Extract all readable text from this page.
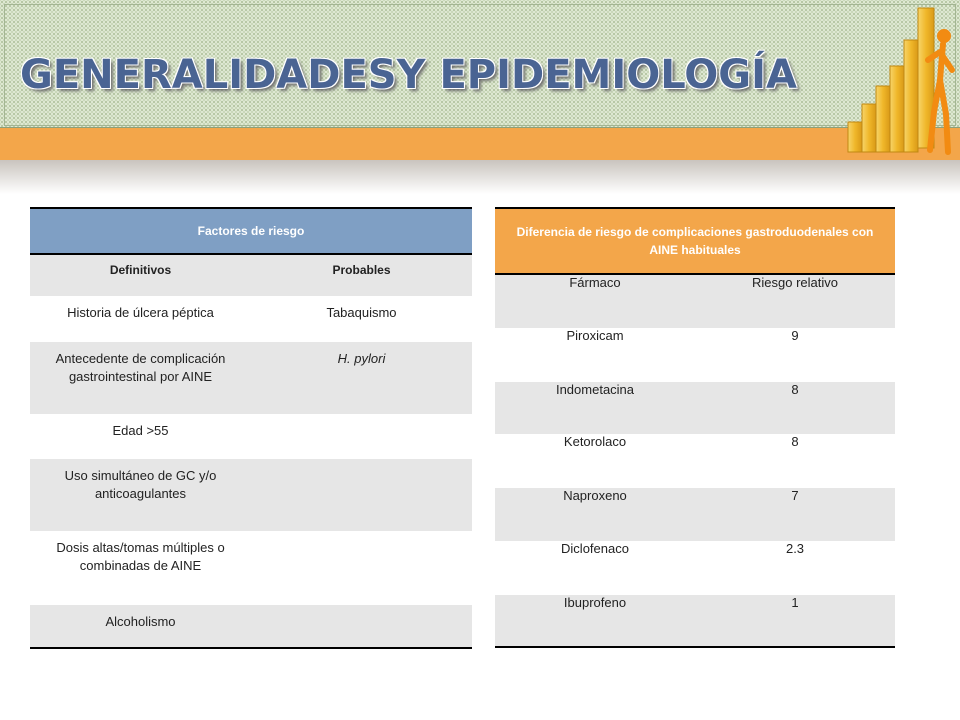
GENERALIDADESY EPIDEMIOLOGÍA
Factores de riesgo	
Definitivos	Probables
Historia de úlcera péptica	Tabaquismo
Antecedente de complicación gastrointestinal por AINE	H. pylori
Edad >55	
Uso simultáneo de GC y/o anticoagulantes	
Dosis altas/tomas múltiples o combinadas de AINE	
Alcoholismo	
Diferencia de riesgo de complicaciones gastroduodenales con AINE habituales	
Fármaco	Riesgo relativo
Piroxicam	9
Indometacina	8
Ketorolaco	8
Naproxeno	7
Diclofenaco	2.3
Ibuprofeno	1
